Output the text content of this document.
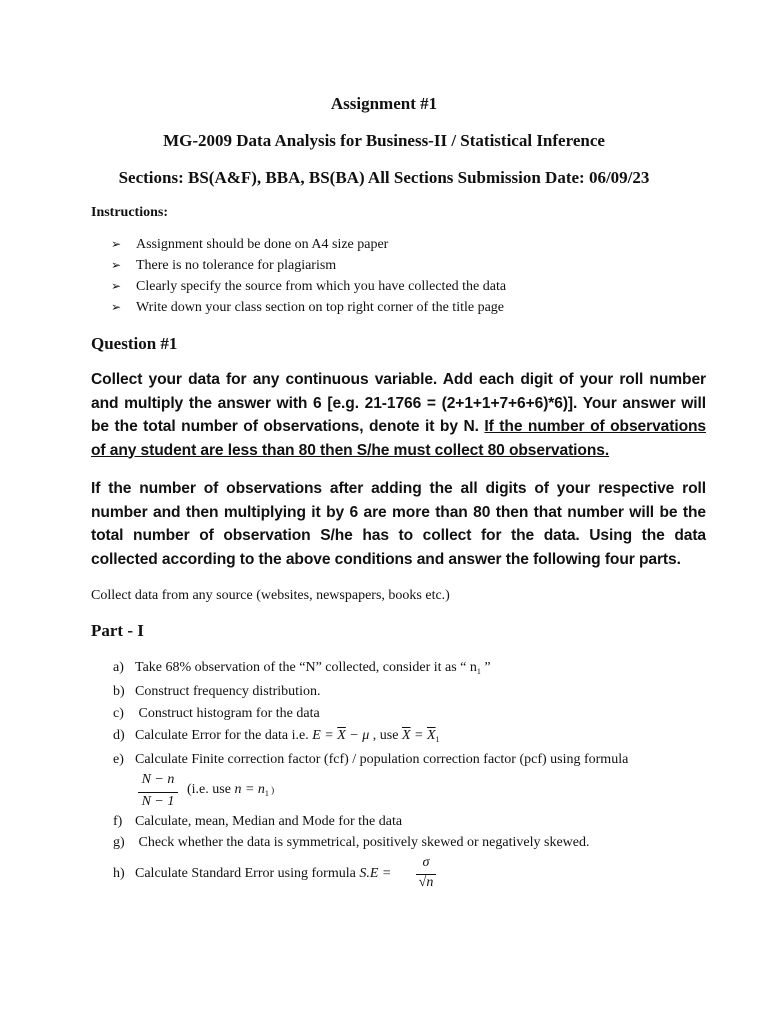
Assignment #1
MG-2009 Data Analysis for Business-II / Statistical Inference
Sections: BS(A&F), BBA, BS(BA) All Sections Submission Date: 06/09/23
Instructions:
➢ Assignment should be done on A4 size paper
➢ There is no tolerance for plagiarism
➢ Clearly specify the source from which you have collected the data
➢ Write down your class section on top right corner of the title page
Question #1
Collect your data for any continuous variable. Add each digit of your roll number and multiply the answer with 6 [e.g. 21-1766 = (2+1+1+7+6+6)*6)]. Your answer will be the total number of observations, denote it by N. If the number of observations of any student are less than 80 then S/he must collect 80 observations.
If the number of observations after adding the all digits of your respective roll number and then multiplying it by 6 are more than 80 then that number will be the total number of observation S/he has to collect for the data. Using the data collected according to the above conditions and answer the following four parts.
Collect data from any source (websites, newspapers, books etc.)
Part - I
a) Take 68% observation of the “N” collected, consider it as “ $n_1$ ”
b) Construct frequency distribution.
c) Construct histogram for the data
d) Calculate Error for the data i.e. $E = \overline{X} - \mu$ , use $\overline{X} = \overline{X}_1$
e) Calculate Finite correction factor (fcf) / population correction factor (pcf) using formula
N − n
N − 1
(i.e. use $n = n_1$ )
f) Calculate, mean, Median and Mode for the data
g) Check whether the data is symmetrical, positively skewed or negatively skewed.
h) Calculate Standard Error using formula S.E =
σ
√n
